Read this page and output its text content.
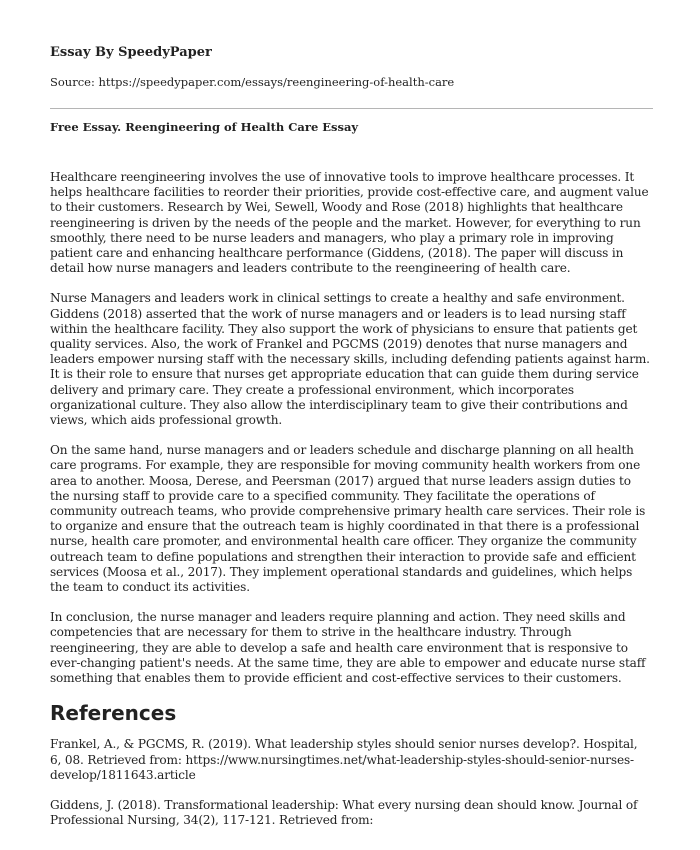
Essay By SpeedyPaper
Source: https://speedypaper.com/essays/reengineering-of-health-care
Free Essay. Reengineering of Health Care Essay

Healthcare reengineering involves the use of innovative tools to improve healthcare processes. It helps healthcare facilities to reorder their priorities, provide cost-effective care, and augment value to their customers. Research by Wei, Sewell, Woody and Rose (2018) highlights that healthcare reengineering is driven by the needs of the people and the market. However, for everything to run smoothly, there need to be nurse leaders and managers, who play a primary role in improving patient care and enhancing healthcare performance (Giddens, (2018). The paper will discuss in detail how nurse managers and leaders contribute to the reengineering of health care.

Nurse Managers and leaders work in clinical settings to create a healthy and safe environment. Giddens (2018) asserted that the work of nurse managers and or leaders is to lead nursing staff within the healthcare facility. They also support the work of physicians to ensure that patients get quality services. Also, the work of Frankel and PGCMS (2019) denotes that nurse managers and leaders empower nursing staff with the necessary skills, including defending patients against harm. It is their role to ensure that nurses get appropriate education that can guide them during service delivery and primary care. They create a professional environment, which incorporates organizational culture. They also allow the interdisciplinary team to give their contributions and views, which aids professional growth.

On the same hand, nurse managers and or leaders schedule and discharge planning on all health care programs. For example, they are responsible for moving community health workers from one area to another. Moosa, Derese, and Peersman (2017) argued that nurse leaders assign duties to the nursing staff to provide care to a specified community. They facilitate the operations of community outreach teams, who provide comprehensive primary health care services. Their role is to organize and ensure that the outreach team is highly coordinated in that there is a professional nurse, health care promoter, and environmental health care officer. They organize the community outreach team to define populations and strengthen their interaction to provide safe and efficient services (Moosa et al., 2017). They implement operational standards and guidelines, which helps the team to conduct its activities.

In conclusion, the nurse manager and leaders require planning and action. They need skills and competencies that are necessary for them to strive in the healthcare industry. Through reengineering, they are able to develop a safe and health care environment that is responsive to ever-changing patient's needs. At the same time, they are able to empower and educate nurse staff something that enables them to provide efficient and cost-effective services to their customers.

References

Frankel, A., & PGCMS, R. (2019). What leadership styles should senior nurses develop?. Hospital, 6, 08. Retrieved from: https://www.nursingtimes.net/what-leadership-styles-should-senior-nurses-develop/1811643.article

Giddens, J. (2018). Transformational leadership: What every nursing dean should know. Journal of Professional Nursing, 34(2), 117-121. Retrieved from:
